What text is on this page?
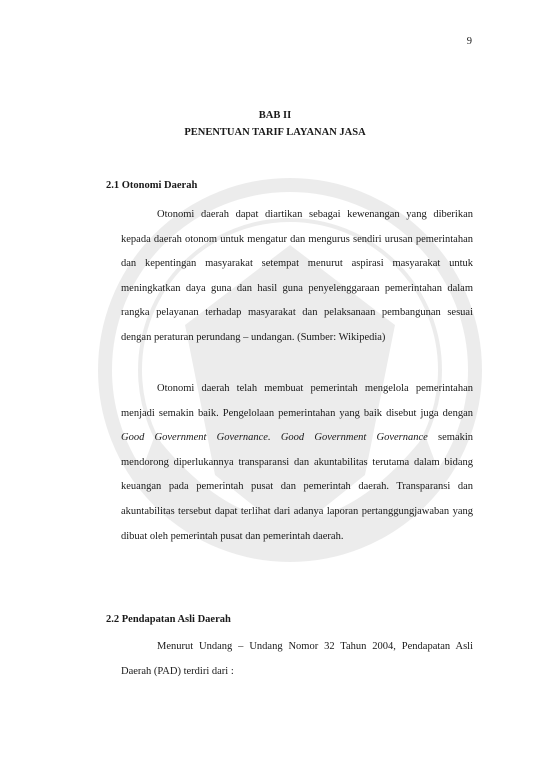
9
BAB II
PENENTUAN TARIF LAYANAN JASA
2.1 Otonomi Daerah

Otonomi daerah dapat diartikan sebagai kewenangan yang diberikan kepada daerah otonom untuk mengatur dan mengurus sendiri urusan pemerintahan dan kepentingan masyarakat setempat menurut aspirasi masyarakat untuk meningkatkan daya guna dan hasil guna penyelenggaraan pemerintahan dalam rangka pelayanan terhadap masyarakat dan pelaksanaan pembangunan sesuai dengan peraturan perundang – undangan. (Sumber: Wikipedia)

Otonomi daerah telah membuat pemerintah mengelola pemerintahan menjadi semakin baik. Pengelolaan pemerintahan yang baik disebut juga dengan Good Government Governance. Good Government Governance semakin mendorong diperlukannya transparansi dan akuntabilitas terutama dalam bidang keuangan pada pemerintah pusat dan pemerintah daerah. Transparansi dan akuntabilitas tersebut dapat terlihat dari adanya laporan pertanggungjawaban yang dibuat oleh pemerintah pusat dan pemerintah daerah.

2.2 Pendapatan Asli Daerah

Menurut Undang – Undang Nomor 32 Tahun 2004, Pendapatan Asli Daerah (PAD) terdiri dari :
